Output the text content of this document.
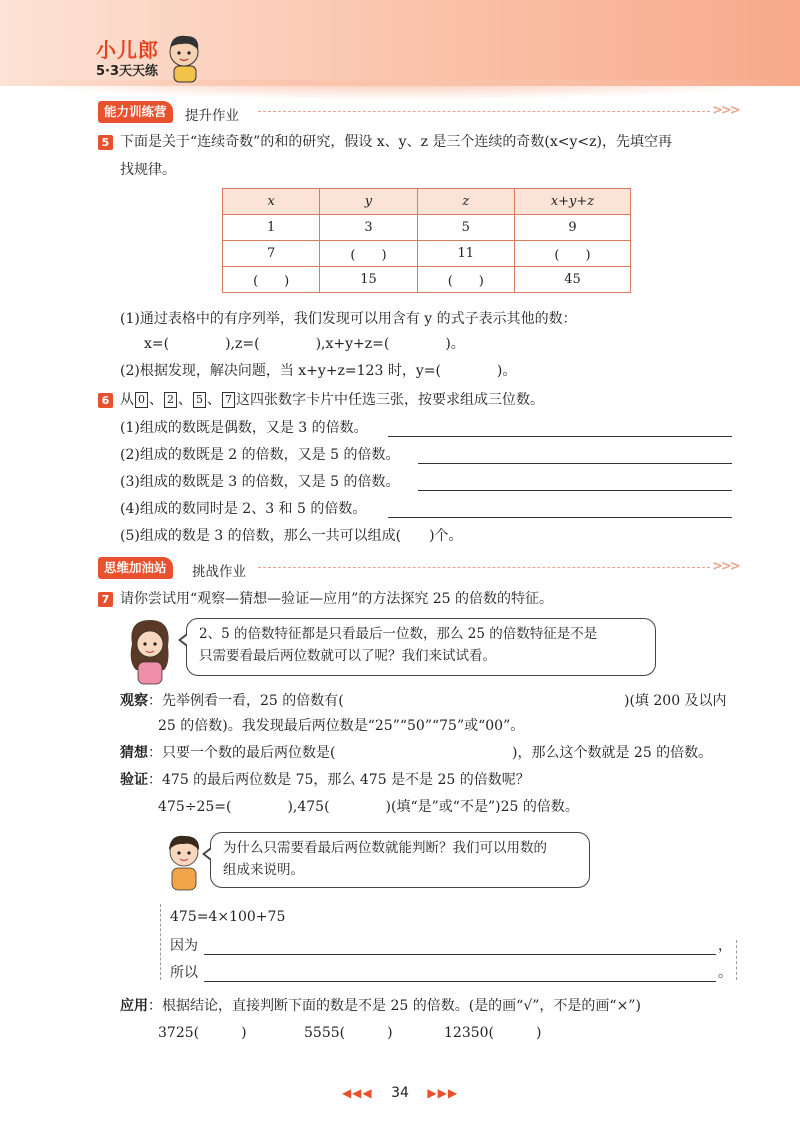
小儿郎
5·3天天练
能力训练营	提升作业	>>>
5 下面是关于“连续奇数”的和的研究，假设 x、y、z 是三个连续的奇数(x<y<z)，先填空再
找规律。
x	y	z	x+y+z
1	3	5	9
7	(　　)	11	(　　)
(　　)	15	(　　)	45
(1)通过表格中的有序列举，我们发现可以用含有 y 的式子表示其他的数：
x=(　　　　),z=(　　　　),x+y+z=(　　　　)。
(2)根据发现，解决问题，当 x+y+z=123 时，y=(　　　　)。
6 从 0 、 2 、 5 、 7 这四张数字卡片中任选三张，按要求组成三位数。
(1)组成的数既是偶数，又是 3 的倍数。
(2)组成的数既是 2 的倍数，又是 5 的倍数。
(3)组成的数既是 3 的倍数，又是 5 的倍数。
(4)组成的数同时是 2、3 和 5 的倍数。
(5)组成的数是 3 的倍数，那么一共可以组成(　　)个。
思维加油站	挑战作业	>>>
7 请你尝试用“观察—猜想—验证—应用”的方法探究 25 的倍数的特征。
2、5 的倍数特征都是只看最后一位数，那么 25 的倍数特征是不是
只需要看最后两位数就可以了呢？我们来试试看。
观察：先举例看一看，25 的倍数有(	)(填 200 及以内
25 的倍数)。我发现最后两位数是“25”“50”“75”或“00”。
猜想：只要一个数的最后两位数是(	)，那么这个数就是 25 的倍数。
验证：475 的最后两位数是 75，那么 475 是不是 25 的倍数呢？
475÷25=(　　　　),475(　　　　)(填“是”或“不是”)25 的倍数。
为什么只需要看最后两位数就能判断？我们可以用数的
组成来说明。
475=4×100+75
因为	，
所以	。
应用：根据结论，直接判断下面的数是不是 25 的倍数。(是的画“√”，不是的画“×”)
3725(　　　)	5555(　　　)	12350(　　　)
◀◀◀ 34 ▶▶▶
